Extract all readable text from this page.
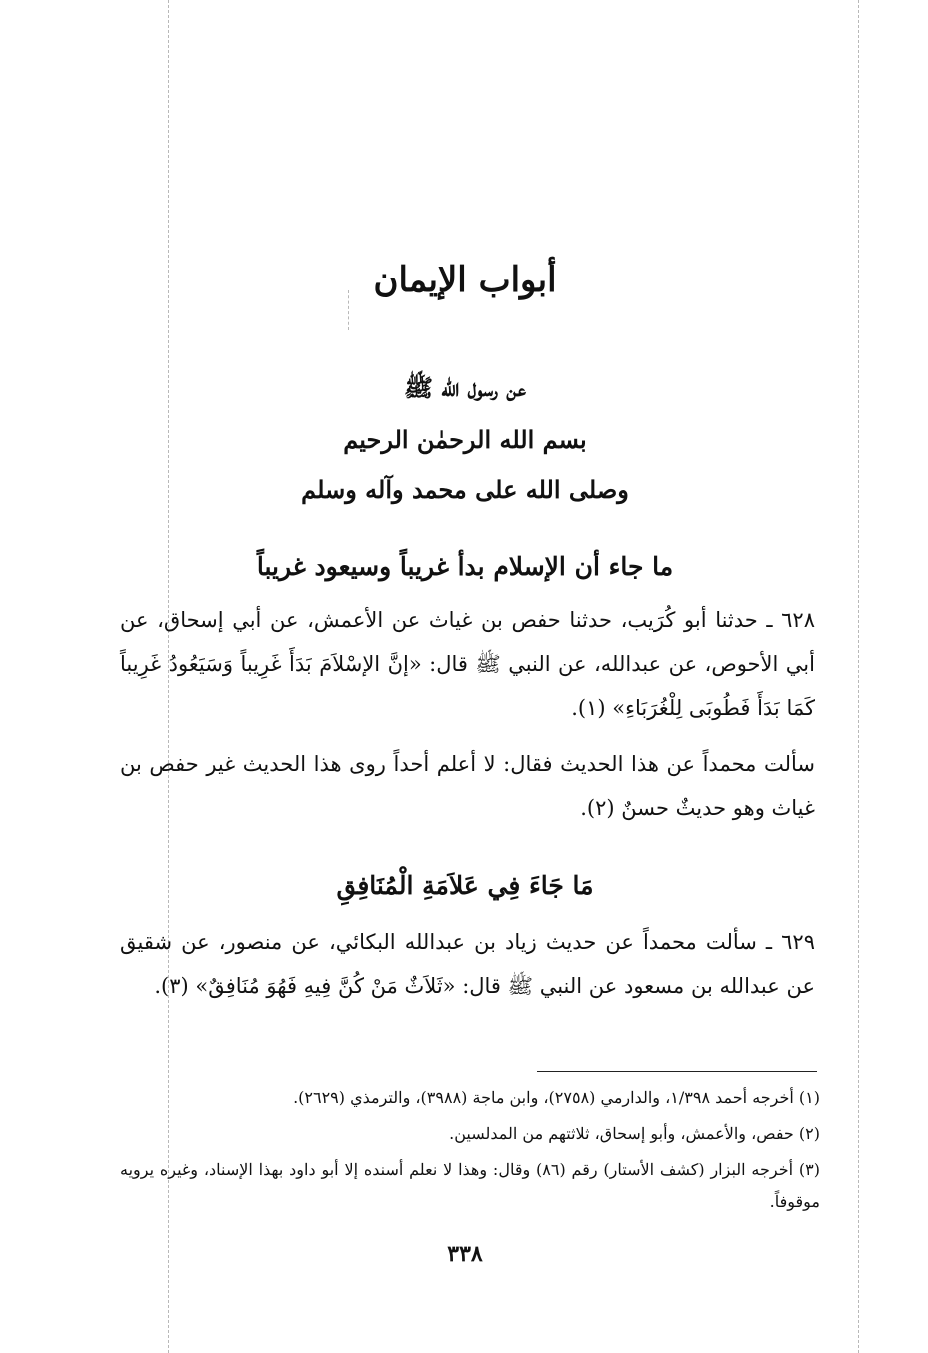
أبواب الإيمان
عن رسول الله ﷺ
بسم الله الرحمٰن الرحيم
وصلى الله على محمد وآله وسلم
ما جاء أن الإسلام بدأ غريباً وسيعود غريباً
٦٢٨ ـ حدثنا أبو كُرَيب، حدثنا حفص بن غياث عن الأعمش، عن أبي إسحاق، عن أبي الأحوص، عن عبدالله، عن النبي ﷺ قال: «إنَّ الإسْلاَمَ بَدَأَ غَرِيباً وَسَيَعُودُ غَرِيباً كَمَا بَدَأَ فَطُوبَى لِلْغُرَبَاءِ» (١).
سألت محمداً عن هذا الحديث فقال: لا أعلم أحداً روى هذا الحديث غير حفص بن غياث وهو حديثٌ حسنٌ (٢).
مَا جَاءَ فِي عَلاَمَةِ الْمُنَافِقِ
٦٢٩ ـ سألت محمداً عن حديث زياد بن عبدالله البكائي، عن منصور، عن شقيق عن عبدالله بن مسعود عن النبي ﷺ قال: «ثَلاَثٌ مَنْ كُنَّ فِيهِ فَهُوَ مُنَافِقٌ» (٣).
(١) أخرجه أحمد ١/٣٩٨، والدارمي (٢٧٥٨)، وابن ماجة (٣٩٨٨)، والترمذي (٢٦٢٩).
(٢) حفص، والأعمش، وأبو إسحاق، ثلاثتهم من المدلسين.
(٣) أخرجه البزار (كشف الأستار) رقم (٨٦) وقال: وهذا لا نعلم أسنده إلا أبو داود بهذا الإسناد، وغيره يرويه موقوفاً.
٣٣٨
